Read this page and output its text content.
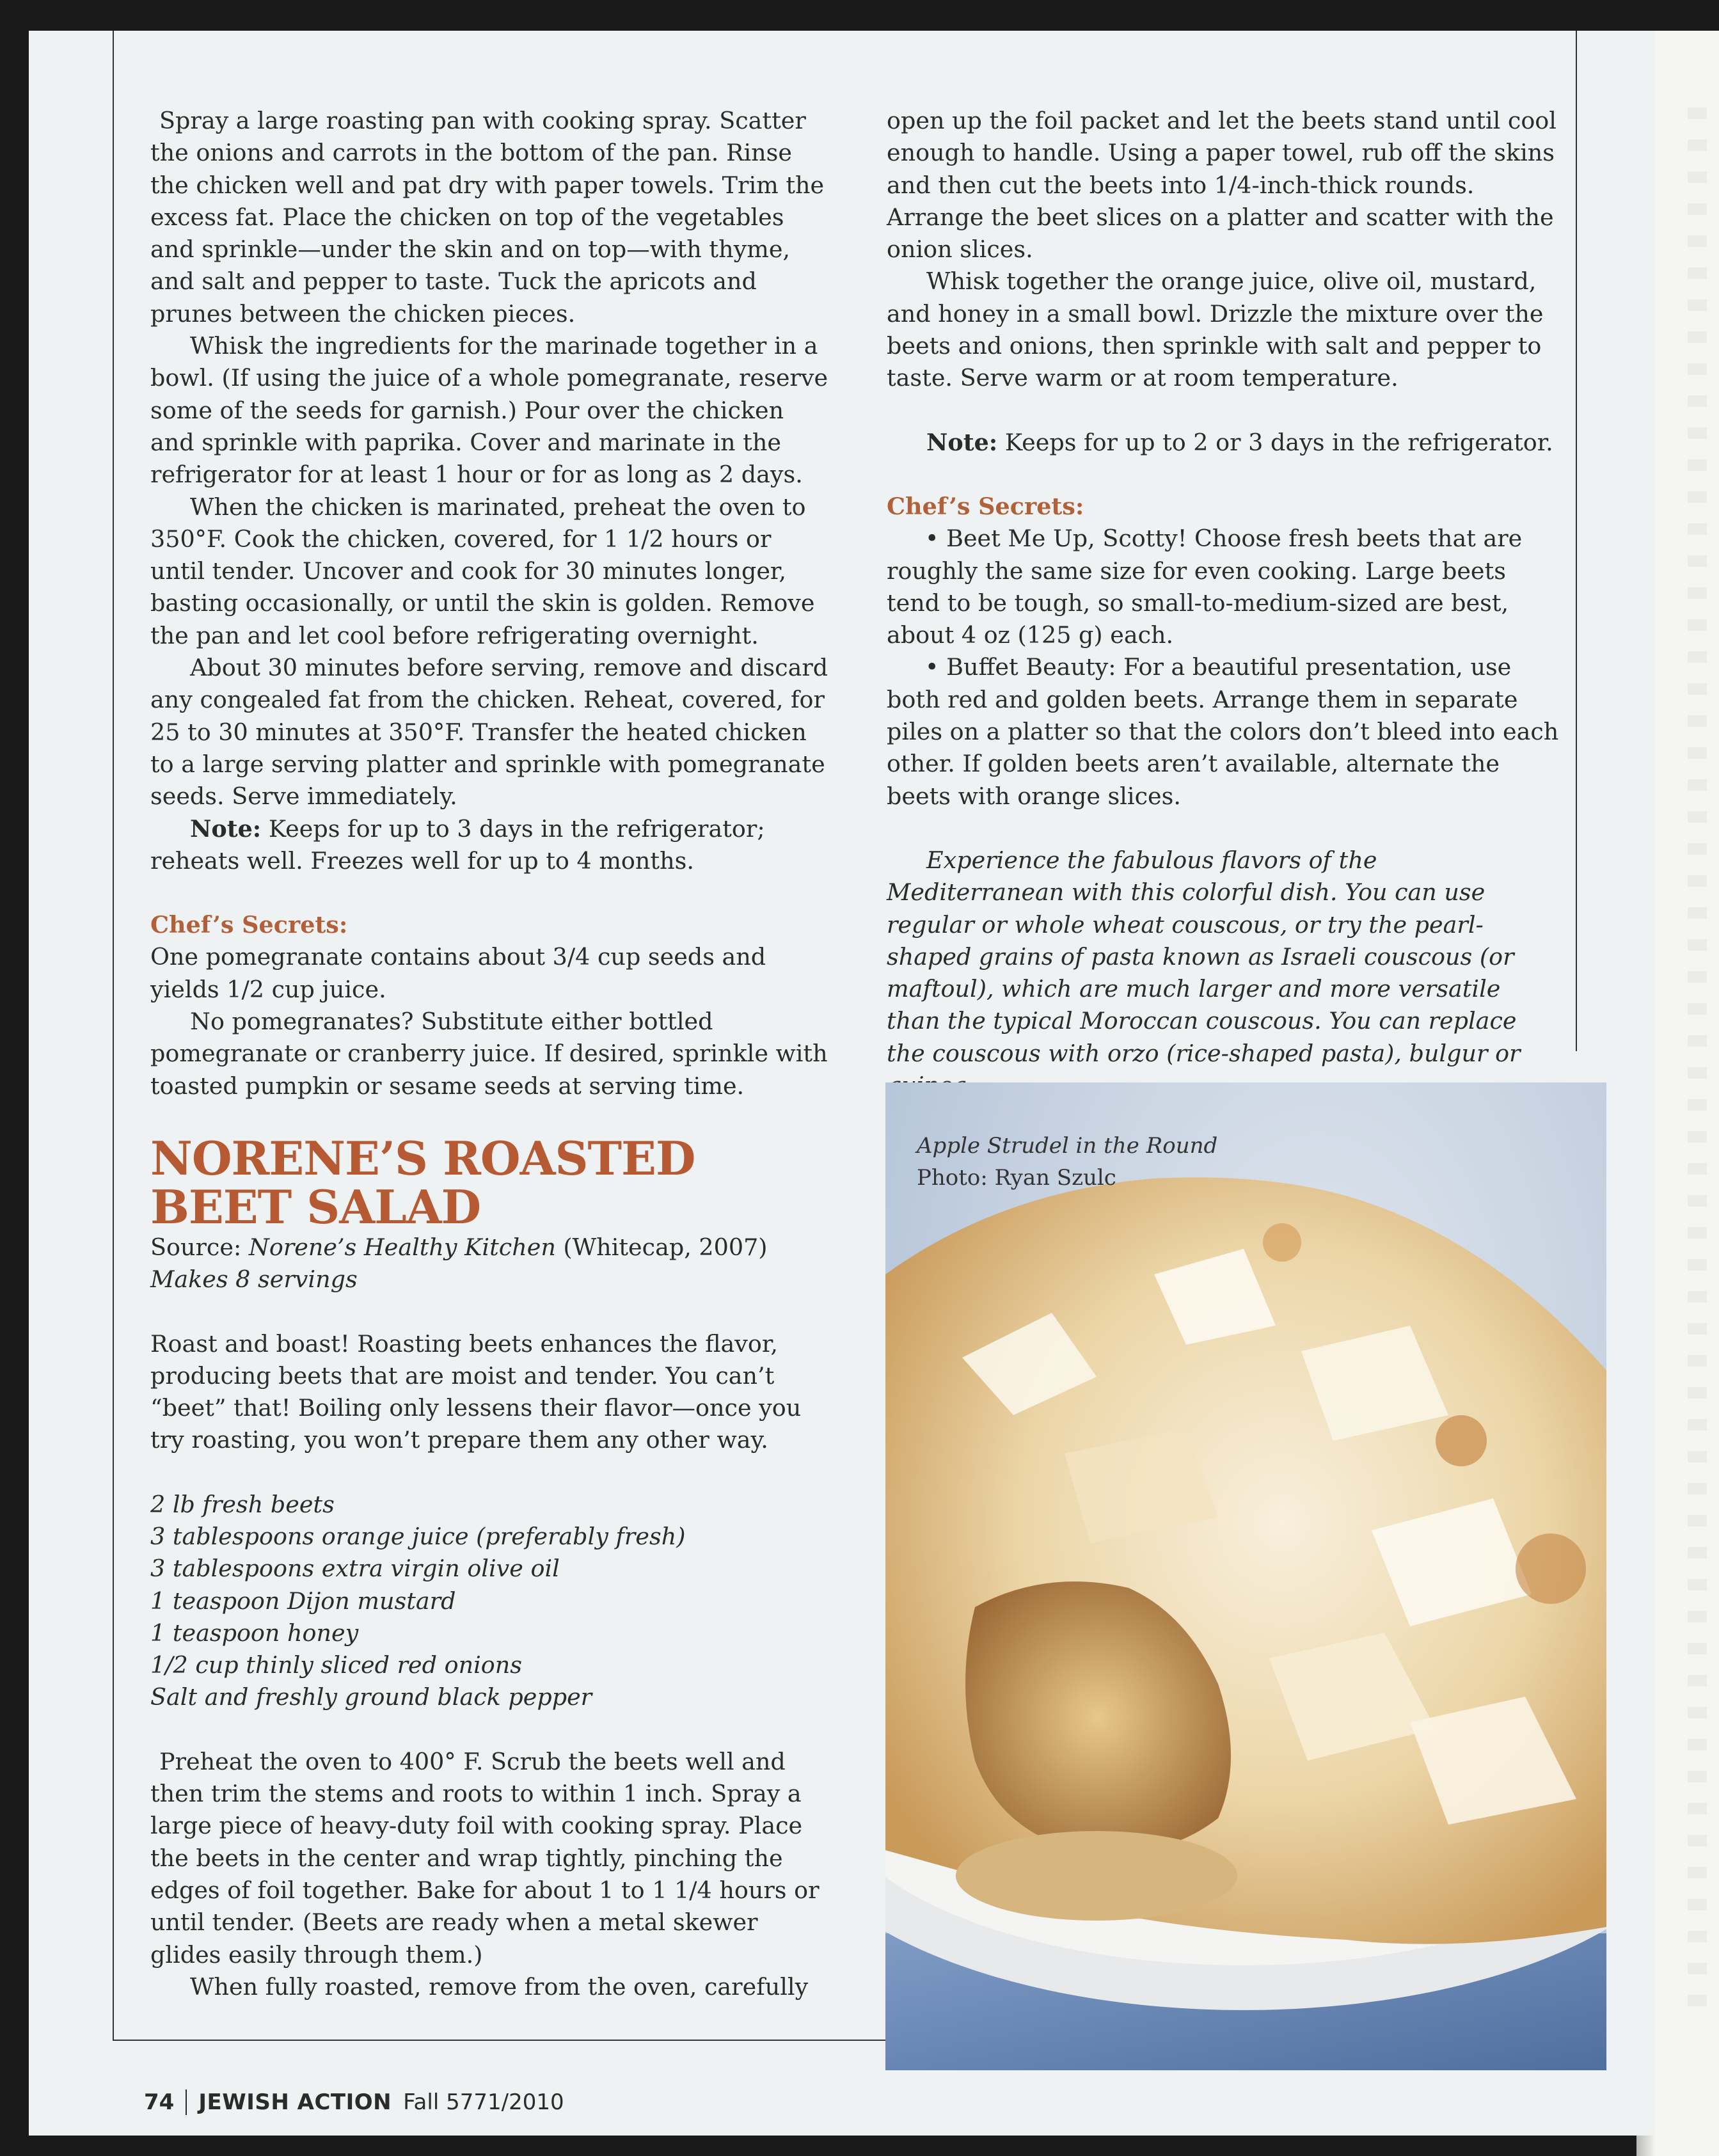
Spray a large roasting pan with cooking spray. Scatter the onions and carrots in the bottom of the pan. Rinse the chicken well and pat dry with paper towels. Trim the excess fat. Place the chicken on top of the vegetables and sprinkle—under the skin and on top—with thyme, and salt and pepper to taste. Tuck the apricots and prunes between the chicken pieces.

Whisk the ingredients for the marinade together in a bowl. (If using the juice of a whole pomegranate, reserve some of the seeds for garnish.) Pour over the chicken and sprinkle with paprika. Cover and marinate in the refrigerator for at least 1 hour or for as long as 2 days.

When the chicken is marinated, preheat the oven to 350°F. Cook the chicken, covered, for 1 1/2 hours or until tender. Uncover and cook for 30 minutes longer, basting occasionally, or until the skin is golden. Remove the pan and let cool before refrigerating overnight.

About 30 minutes before serving, remove and discard any congealed fat from the chicken. Reheat, covered, for 25 to 30 minutes at 350°F. Transfer the heated chicken to a large serving platter and sprinkle with pomegranate seeds. Serve immediately.

Note: Keeps for up to 3 days in the refrigerator; reheats well. Freezes well for up to 4 months.

Chef’s Secrets:

One pomegranate contains about 3/4 cup seeds and yields 1/2 cup juice.

No pomegranates? Substitute either bottled pomegranate or cranberry juice. If desired, sprinkle with toasted pumpkin or sesame seeds at serving time.

NORENE’S ROASTED
BEET SALAD

Source: Norene’s Healthy Kitchen (Whitecap, 2007)

Makes 8 servings

Roast and boast! Roasting beets enhances the flavor, producing beets that are moist and tender. You can’t “beet” that! Boiling only lessens their flavor—once you try roasting, you won’t prepare them any other way.

2 lb fresh beets

3 tablespoons orange juice (preferably fresh)

3 tablespoons extra virgin olive oil

1 teaspoon Dijon mustard

1 teaspoon honey

1/2 cup thinly sliced red onions

Salt and freshly ground black pepper

Preheat the oven to 400° F. Scrub the beets well and then trim the stems and roots to within 1 inch. Spray a large piece of heavy-duty foil with cooking spray. Place the beets in the center and wrap tightly, pinching the edges of foil together. Bake for about 1 to 1 1/4 hours or until tender. (Beets are ready when a metal skewer glides easily through them.)

When fully roasted, remove from the oven, carefully

open up the foil packet and let the beets stand until cool enough to handle. Using a paper towel, rub off the skins and then cut the beets into 1/4-inch-thick rounds. Arrange the beet slices on a platter and scatter with the onion slices.

Whisk together the orange juice, olive oil, mustard, and honey in a small bowl. Drizzle the mixture over the beets and onions, then sprinkle with salt and pepper to taste. Serve warm or at room temperature.

Note: Keeps for up to 2 or 3 days in the refrigerator.

Chef’s Secrets:

• Beet Me Up, Scotty! Choose fresh beets that are roughly the same size for even cooking. Large beets tend to be tough, so small-to-medium-sized are best, about 4 oz (125 g) each.

• Buffet Beauty: For a beautiful presentation, use both red and golden beets. Arrange them in separate piles on a platter so that the colors don’t bleed into each other. If golden beets aren’t available, alternate the beets with orange slices.

Experience the fabulous flavors of the Mediterranean with this colorful dish. You can use regular or whole wheat couscous, or try the pearl-shaped grains of pasta known as Israeli couscous (or maftoul), which are much larger and more versatile than the typical Moroccan couscous. You can replace the couscous with orzo (rice-shaped pasta), bulgur or

Apple Strudel in the Round
Photo: Ryan Szulc
74 JEWISH ACTION Fall 5771/2010
